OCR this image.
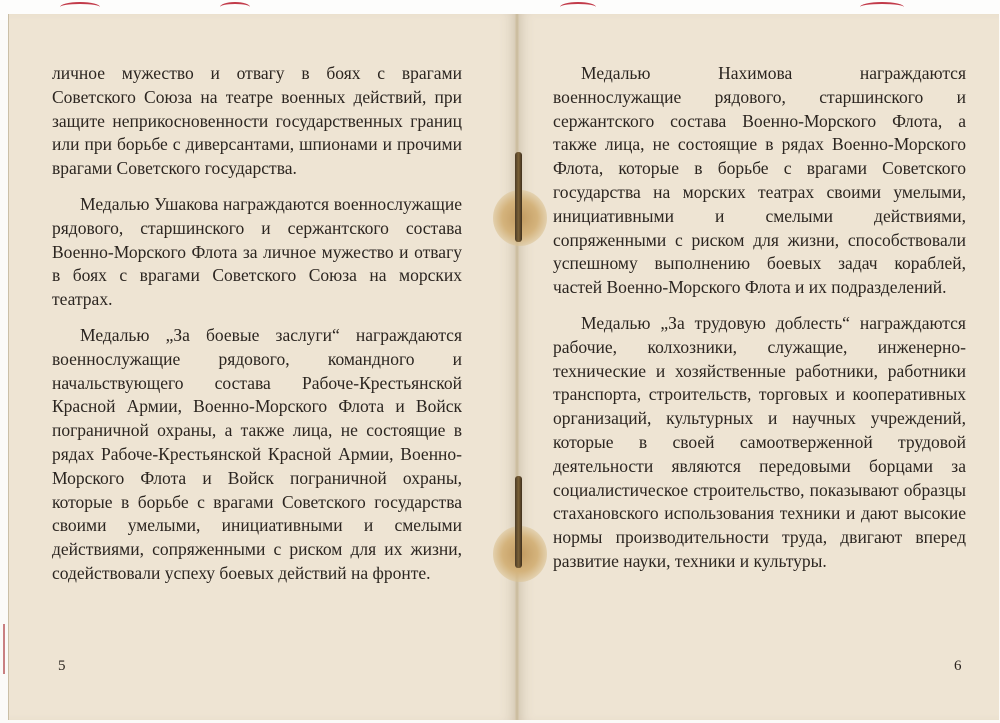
личное мужество и отвагу в боях с врагами Советского Союза на театре военных действий, при защите неприкосновенности государственных границ или при борьбе с диверсантами, шпионами и прочими врагами Советского государства.

Медалью Ушакова награждаются военнослужащие рядового, старшинского и сержантского состава Военно-Морского Флота за личное мужество и отвагу в боях с врагами Советского Союза на морских театрах.

Медалью „За боевые заслуги“ награждаются военнослужащие рядового, командного и начальствующего состава Рабоче-Крестьянской Красной Армии, Военно-Морского Флота и Войск пограничной охраны, а также лица, не состоящие в рядах Рабоче-Крестьянской Красной Армии, Военно-Морского Флота и Войск пограничной охраны, которые в борьбе с врагами Советского государства своими умелыми, инициативными и смелыми действиями, сопряженными с риском для их жизни, содействовали успеху боевых действий на фронте.

Медалью Нахимова награждаются военнослужащие рядового, старшинского и сержантского состава Военно-Морского Флота, а также лица, не состоящие в рядах Военно-Морского Флота, которые в борьбе с врагами Советского государства на морских театрах своими умелыми, инициативными и смелыми действиями, сопряженными с риском для жизни, способствовали успешному выполнению боевых задач кораблей, частей Военно-Морского Флота и их подразделений.

Медалью „За трудовую доблесть“ награждаются рабочие, колхозники, служащие, инженерно-технические и хозяйственные работники, работники транспорта, строительств, торговых и кооперативных организаций, культурных и научных учреждений, которые в своей самоотверженной трудовой деятельности являются передовыми борцами за социалистическое строительство, показывают образцы стахановского использования техники и дают высокие нормы производительности труда, двигают вперед развитие науки, техники и культуры.

5	6
